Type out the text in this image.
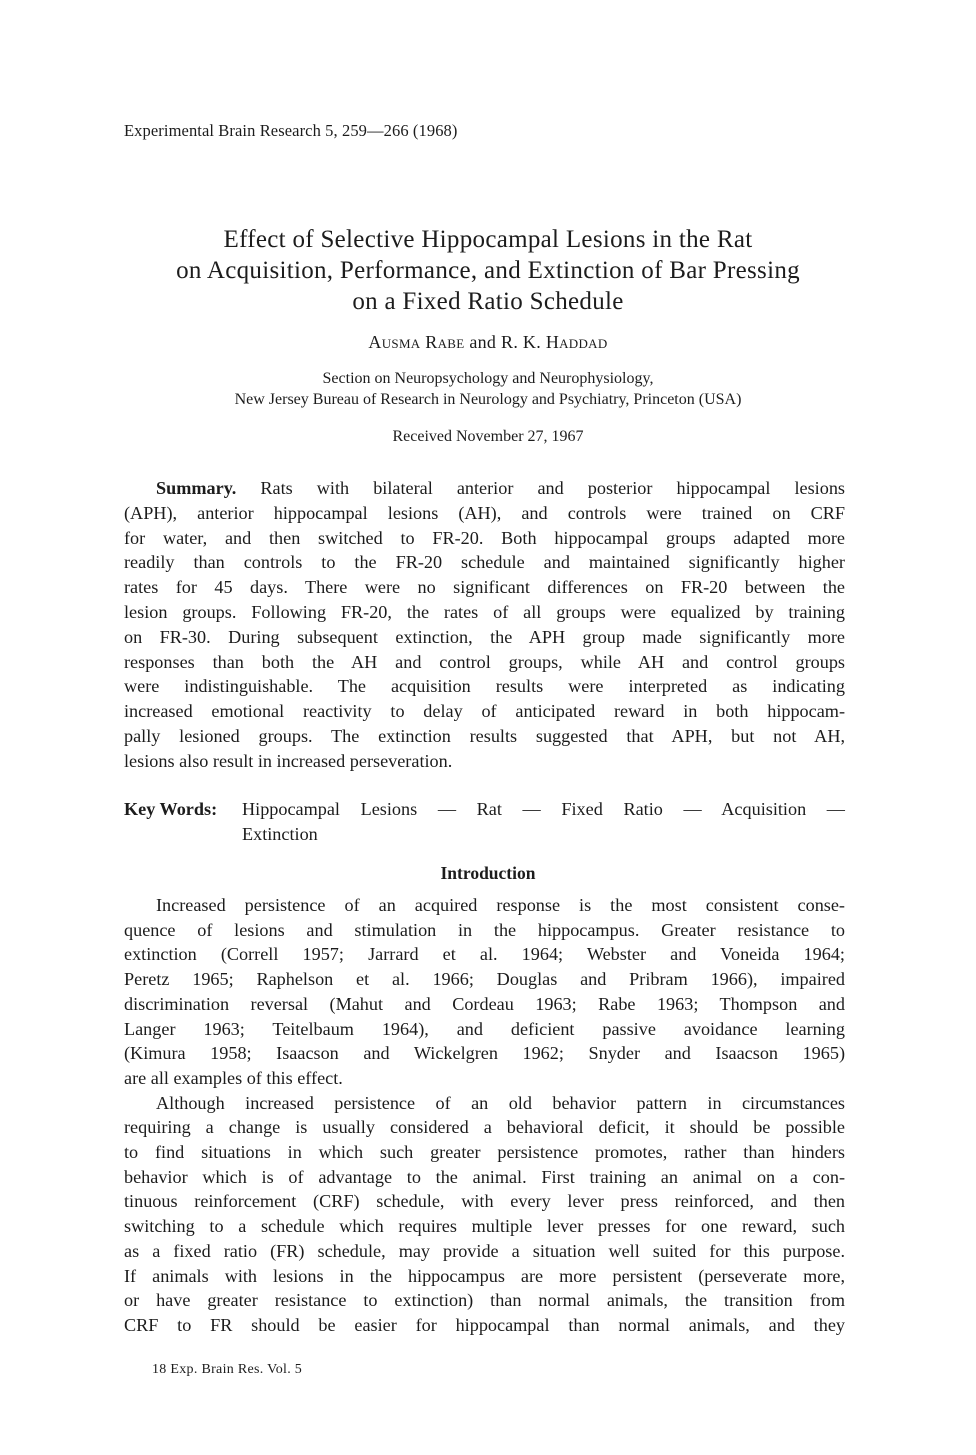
Experimental Brain Research 5, 259—266 (1968)
Effect of Selective Hippocampal Lesions in the Rat
on Acquisition, Performance, and Extinction of Bar Pressing
on a Fixed Ratio Schedule
Ausma Rabe and R. K. Haddad
Section on Neuropsychology and Neurophysiology,
New Jersey Bureau of Research in Neurology and Psychiatry, Princeton (USA)
Received November 27, 1967
Summary. Rats with bilateral anterior and posterior hippocampal lesions
(APH), anterior hippocampal lesions (AH), and controls were trained on CRF
for water, and then switched to FR-20. Both hippocampal groups adapted more
readily than controls to the FR-20 schedule and maintained significantly higher
rates for 45 days. There were no significant differences on FR-20 between the
lesion groups. Following FR-20, the rates of all groups were equalized by training
on FR-30. During subsequent extinction, the APH group made significantly more
responses than both the AH and control groups, while AH and control groups
were indistinguishable. The acquisition results were interpreted as indicating
increased emotional reactivity to delay of anticipated reward in both hippocam-
pally lesioned groups. The extinction results suggested that APH, but not AH,
lesions also result in increased perseveration.
Key Words:	Hippocampal Lesions — Rat — Fixed Ratio — Acquisition —
Extinction
Introduction
Increased persistence of an acquired response is the most consistent conse-
quence of lesions and stimulation in the hippocampus. Greater resistance to
extinction (Correll 1957; Jarrard et al. 1964; Webster and Voneida 1964;
Peretz 1965; Raphelson et al. 1966; Douglas and Pribram 1966), impaired
discrimination reversal (Mahut and Cordeau 1963; Rabe 1963; Thompson and
Langer 1963; Teitelbaum 1964), and deficient passive avoidance learning
(Kimura 1958; Isaacson and Wickelgren 1962; Snyder and Isaacson 1965)
are all examples of this effect.
Although increased persistence of an old behavior pattern in circumstances
requiring a change is usually considered a behavioral deficit, it should be possible
to find situations in which such greater persistence promotes, rather than hinders
behavior which is of advantage to the animal. First training an animal on a con-
tinuous reinforcement (CRF) schedule, with every lever press reinforced, and then
switching to a schedule which requires multiple lever presses for one reward, such
as a fixed ratio (FR) schedule, may provide a situation well suited for this purpose.
If animals with lesions in the hippocampus are more persistent (perseverate more,
or have greater resistance to extinction) than normal animals, the transition from
CRF to FR should be easier for hippocampal than normal animals, and they
18 Exp. Brain Res. Vol. 5
